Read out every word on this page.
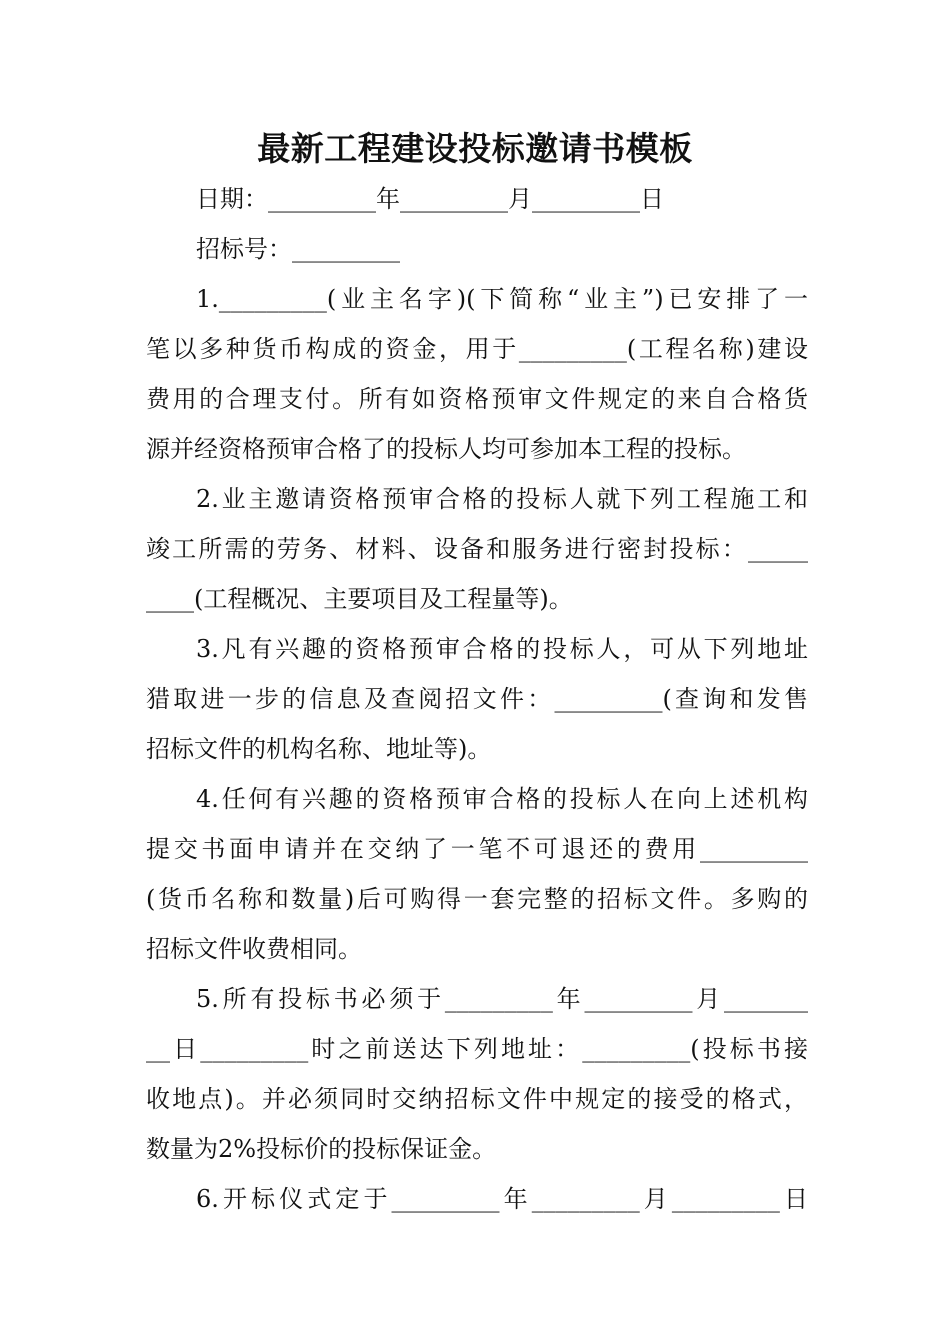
最新工程建设投标邀请书模板
日期：_________年_________月_________日
招标号：_________
1._________(业主名字)(下简称“业主”)已安排了一
笔以多种货币构成的资金，用于_________(工程名称)建设
费用的合理支付。所有如资格预审文件规定的来自合格货
源并经资格预审合格了的投标人均可参加本工程的投标。
2.业主邀请资格预审合格的投标人就下列工程施工和
竣工所需的劳务、材料、设备和服务进行密封投标：_____
____(工程概况、主要项目及工程量等)。
3.凡有兴趣的资格预审合格的投标人，可从下列地址
猎取进一步的信息及查阅招文件：_________(查询和发售
招标文件的机构名称、地址等)。
4.任何有兴趣的资格预审合格的投标人在向上述机构
提交书面申请并在交纳了一笔不可退还的费用_________
(货币名称和数量)后可购得一套完整的招标文件。多购的
招标文件收费相同。
5.所有投标书必须于_________年_________月_______
__日_________时之前送达下列地址：_________(投标书接
收地点)。并必须同时交纳招标文件中规定的接受的格式，
数量为2%投标价的投标保证金。
6.开标仪式定于_________年_________月_________日
